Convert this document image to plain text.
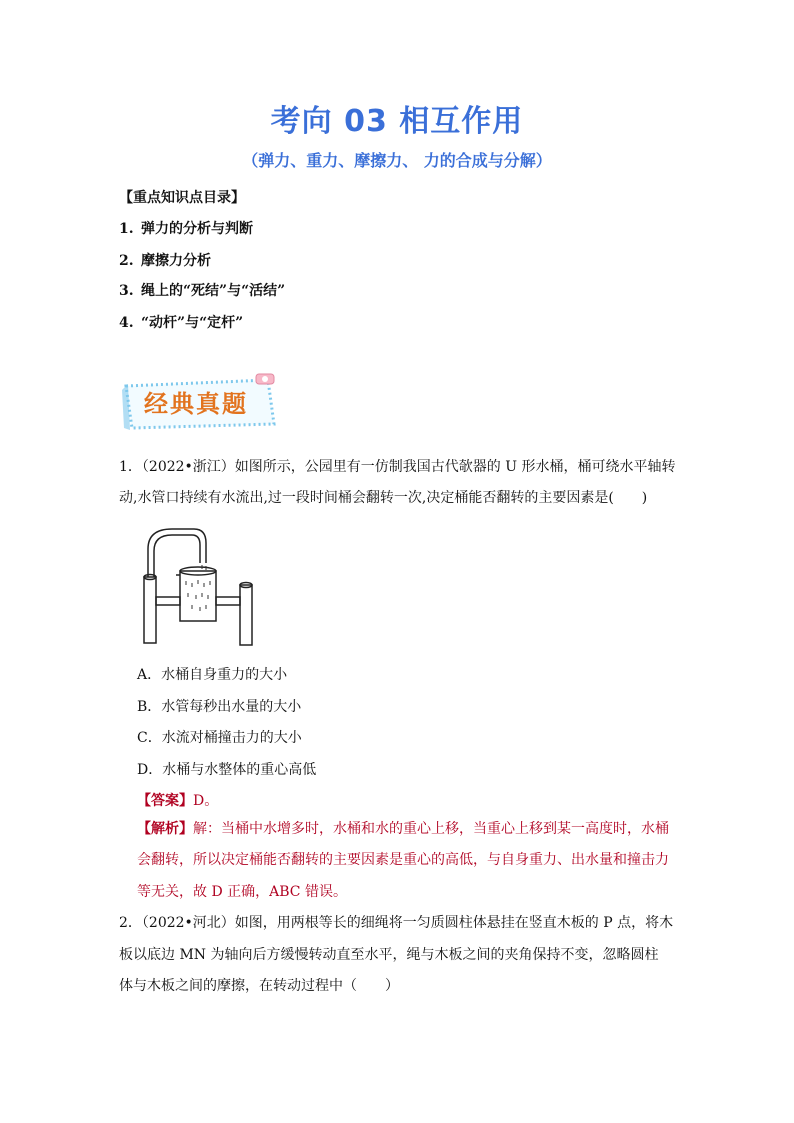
考向 03 相互作用
（弹力、重力、摩擦力、 力的合成与分解）
【重点知识点目录】
1. 弹力的分析与判断
2. 摩擦力分析
3. 绳上的“死结”与“活结”
4. “动杆”与“定杆”
经典真题
1．（2022•浙江）如图所示，公园里有一仿制我国古代欹器的 U 形水桶，桶可绕水平轴转
动,水管口持续有水流出,过一段时间桶会翻转一次,决定桶能否翻转的主要因素是(　　)
A．水桶自身重力的大小
B．水管每秒出水量的大小
C．水流对桶撞击力的大小
D．水桶与水整体的重心高低
【答案】D。
【解析】解：当桶中水增多时，水桶和水的重心上移，当重心上移到某一高度时，水桶
会翻转，所以决定桶能否翻转的主要因素是重心的高低，与自身重力、出水量和撞击力
等无关，故 D 正确，ABC 错误。
2．（2022•河北）如图，用两根等长的细绳将一匀质圆柱体悬挂在竖直木板的 P 点，将木
板以底边 MN 为轴向后方缓慢转动直至水平，绳与木板之间的夹角保持不变，忽略圆柱
体与木板之间的摩擦，在转动过程中（　　）
